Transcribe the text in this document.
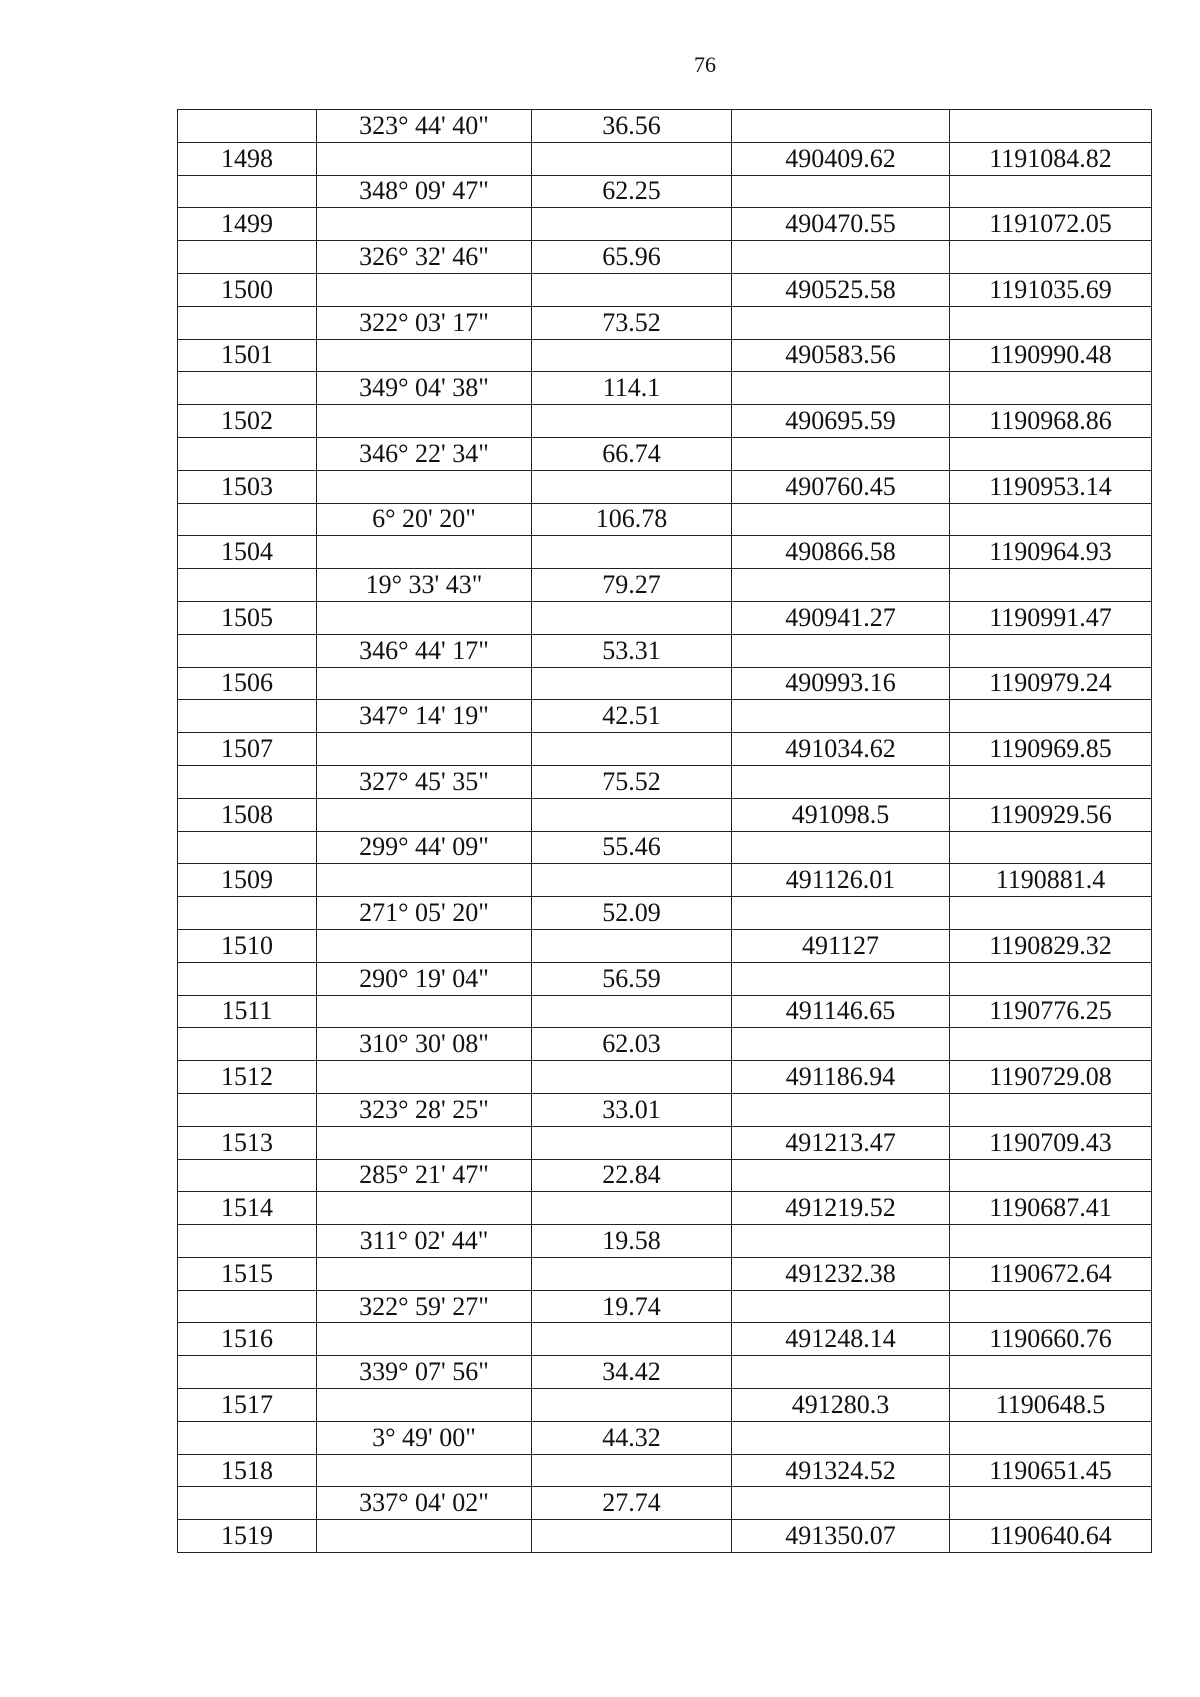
76
	323° 44' 40"	36.56		
1498			490409.62	1191084.82
	348° 09' 47"	62.25		
1499			490470.55	1191072.05
	326° 32' 46"	65.96		
1500			490525.58	1191035.69
	322° 03' 17"	73.52		
1501			490583.56	1190990.48
	349° 04' 38"	114.1		
1502			490695.59	1190968.86
	346° 22' 34"	66.74		
1503			490760.45	1190953.14
	6° 20' 20"	106.78		
1504			490866.58	1190964.93
	19° 33' 43"	79.27		
1505			490941.27	1190991.47
	346° 44' 17"	53.31		
1506			490993.16	1190979.24
	347° 14' 19"	42.51		
1507			491034.62	1190969.85
	327° 45' 35"	75.52		
1508			491098.5	1190929.56
	299° 44' 09"	55.46		
1509			491126.01	1190881.4
	271° 05' 20"	52.09		
1510			491127	1190829.32
	290° 19' 04"	56.59		
1511			491146.65	1190776.25
	310° 30' 08"	62.03		
1512			491186.94	1190729.08
	323° 28' 25"	33.01		
1513			491213.47	1190709.43
	285° 21' 47"	22.84		
1514			491219.52	1190687.41
	311° 02' 44"	19.58		
1515			491232.38	1190672.64
	322° 59' 27"	19.74		
1516			491248.14	1190660.76
	339° 07' 56"	34.42		
1517			491280.3	1190648.5
	3° 49' 00"	44.32		
1518			491324.52	1190651.45
	337° 04' 02"	27.74		
1519			491350.07	1190640.64
